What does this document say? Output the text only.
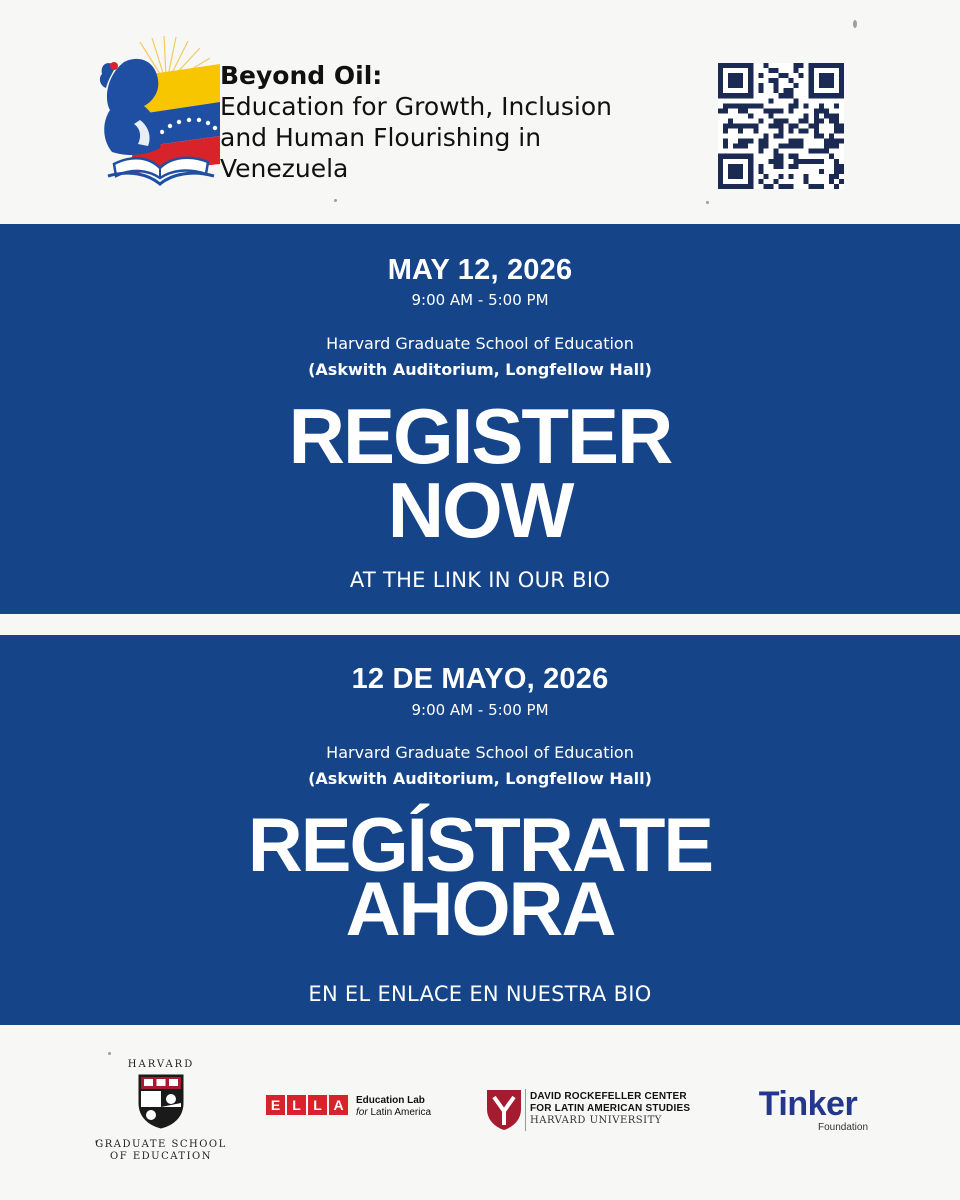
Beyond Oil:
Education for Growth, Inclusion
and Human Flourishing in
Venezuela
MAY 12, 2026
9:00 AM - 5:00 PM
Harvard Graduate School of Education
(Askwith Auditorium, Longfellow Hall)
REGISTER
NOW
AT THE LINK IN OUR BIO
12 DE MAYO, 2026
9:00 AM - 5:00 PM
Harvard Graduate School of Education
(Askwith Auditorium, Longfellow Hall)
REGÍSTRATE
AHORA
EN EL ENLACE EN NUESTRA BIO
HARVARD
GRADUATE SCHOOL
OF EDUCATION
E L L A Education Lab
for Latin America
DAVID ROCKEFELLER CENTER
FOR LATIN AMERICAN STUDIES
HARVARD UNIVERSITY	Tinker
Foundation
